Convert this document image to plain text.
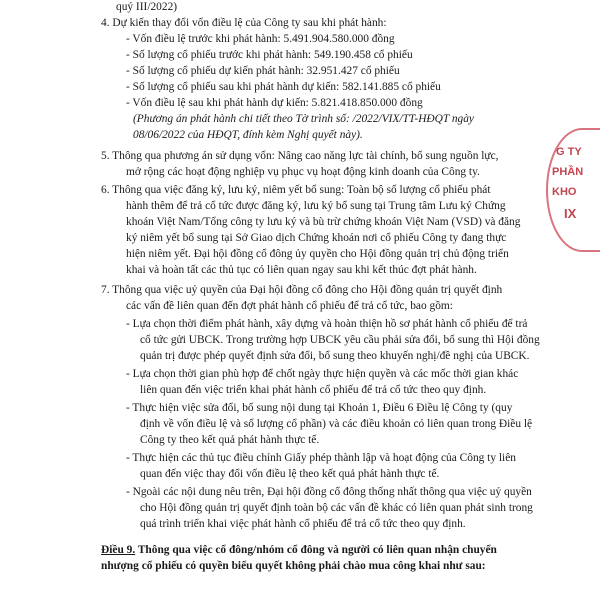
quý III/2022)
4. Dự kiến thay đổi vốn điều lệ của Công ty sau khi phát hành:
- Vốn điều lệ trước khi phát hành: 5.491.904.580.000 đồng
- Số lượng cổ phiếu trước khi phát hành: 549.190.458 cổ phiếu
- Số lượng cổ phiếu dự kiến phát hành: 32.951.427 cổ phiếu
- Số lượng cổ phiếu sau khi phát hành dự kiến: 582.141.885 cổ phiếu
- Vốn điều lệ sau khi phát hành dự kiến: 5.821.418.850.000 đồng
(Phương án phát hành chi tiết theo Tờ trình số: /2022/VIX/TT-HĐQT ngày
08/06/2022 của HĐQT, đính kèm Nghị quyết này).
5. Thông qua phương án sử dụng vốn: Nâng cao năng lực tài chính, bổ sung nguồn lực,
mở rộng các hoạt động nghiệp vụ phục vụ hoạt động kinh doanh của Công ty.
6. Thông qua việc đăng ký, lưu ký, niêm yết bổ sung: Toàn bộ số lượng cổ phiếu phát
hành thêm để trả cổ tức được đăng ký, lưu ký bổ sung tại Trung tâm Lưu ký Chứng
khoán Việt Nam/Tổng công ty lưu ký và bù trừ chứng khoán Việt Nam (VSD) và đăng
ký niêm yết bổ sung tại Sở Giao dịch Chứng khoán nơi cổ phiếu Công ty đang thực
hiện niêm yết. Đại hội đồng cổ đông ủy quyền cho Hội đồng quản trị chủ động triển
khai và hoàn tất các thủ tục có liên quan ngay sau khi kết thúc đợt phát hành.
7. Thông qua việc uỷ quyền của Đại hội đồng cổ đông cho Hội đồng quản trị quyết định
các vấn đề liên quan đến đợt phát hành cổ phiếu để trả cổ tức, bao gồm:
- Lựa chọn thời điểm phát hành, xây dựng và hoàn thiện hồ sơ phát hành cổ phiếu để trả
cổ tức gửi UBCK. Trong trường hợp UBCK yêu cầu phải sửa đổi, bổ sung thì Hội đồng
quản trị được phép quyết định sửa đổi, bổ sung theo khuyến nghị/đề nghị của UBCK.
- Lựa chọn thời gian phù hợp để chốt ngày thực hiện quyền và các mốc thời gian khác
liên quan đến việc triển khai phát hành cổ phiếu để trả cổ tức theo quy định.
- Thực hiện việc sửa đổi, bổ sung nội dung tại Khoản 1, Điều 6 Điều lệ Công ty (quy
định về vốn điều lệ và số lượng cổ phần) và các điều khoản có liên quan trong Điều lệ
Công ty theo kết quả phát hành thực tế.
- Thực hiện các thủ tục điều chỉnh Giấy phép thành lập và hoạt động của Công ty liên
quan đến việc thay đổi vốn điều lệ theo kết quả phát hành thực tế.
- Ngoài các nội dung nêu trên, Đại hội đồng cổ đông thống nhất thông qua việc uỷ quyền
cho Hội đồng quản trị quyết định toàn bộ các vấn đề khác có liên quan phát sinh trong
quá trình triển khai việc phát hành cổ phiếu để trả cổ tức theo quy định.
Điều 9. Thông qua việc cổ đông/nhóm cổ đông và người có liên quan nhận chuyển
nhượng cổ phiếu có quyền biểu quyết không phải chào mua công khai như sau:
G TY
PHẦN
KHO
IX
